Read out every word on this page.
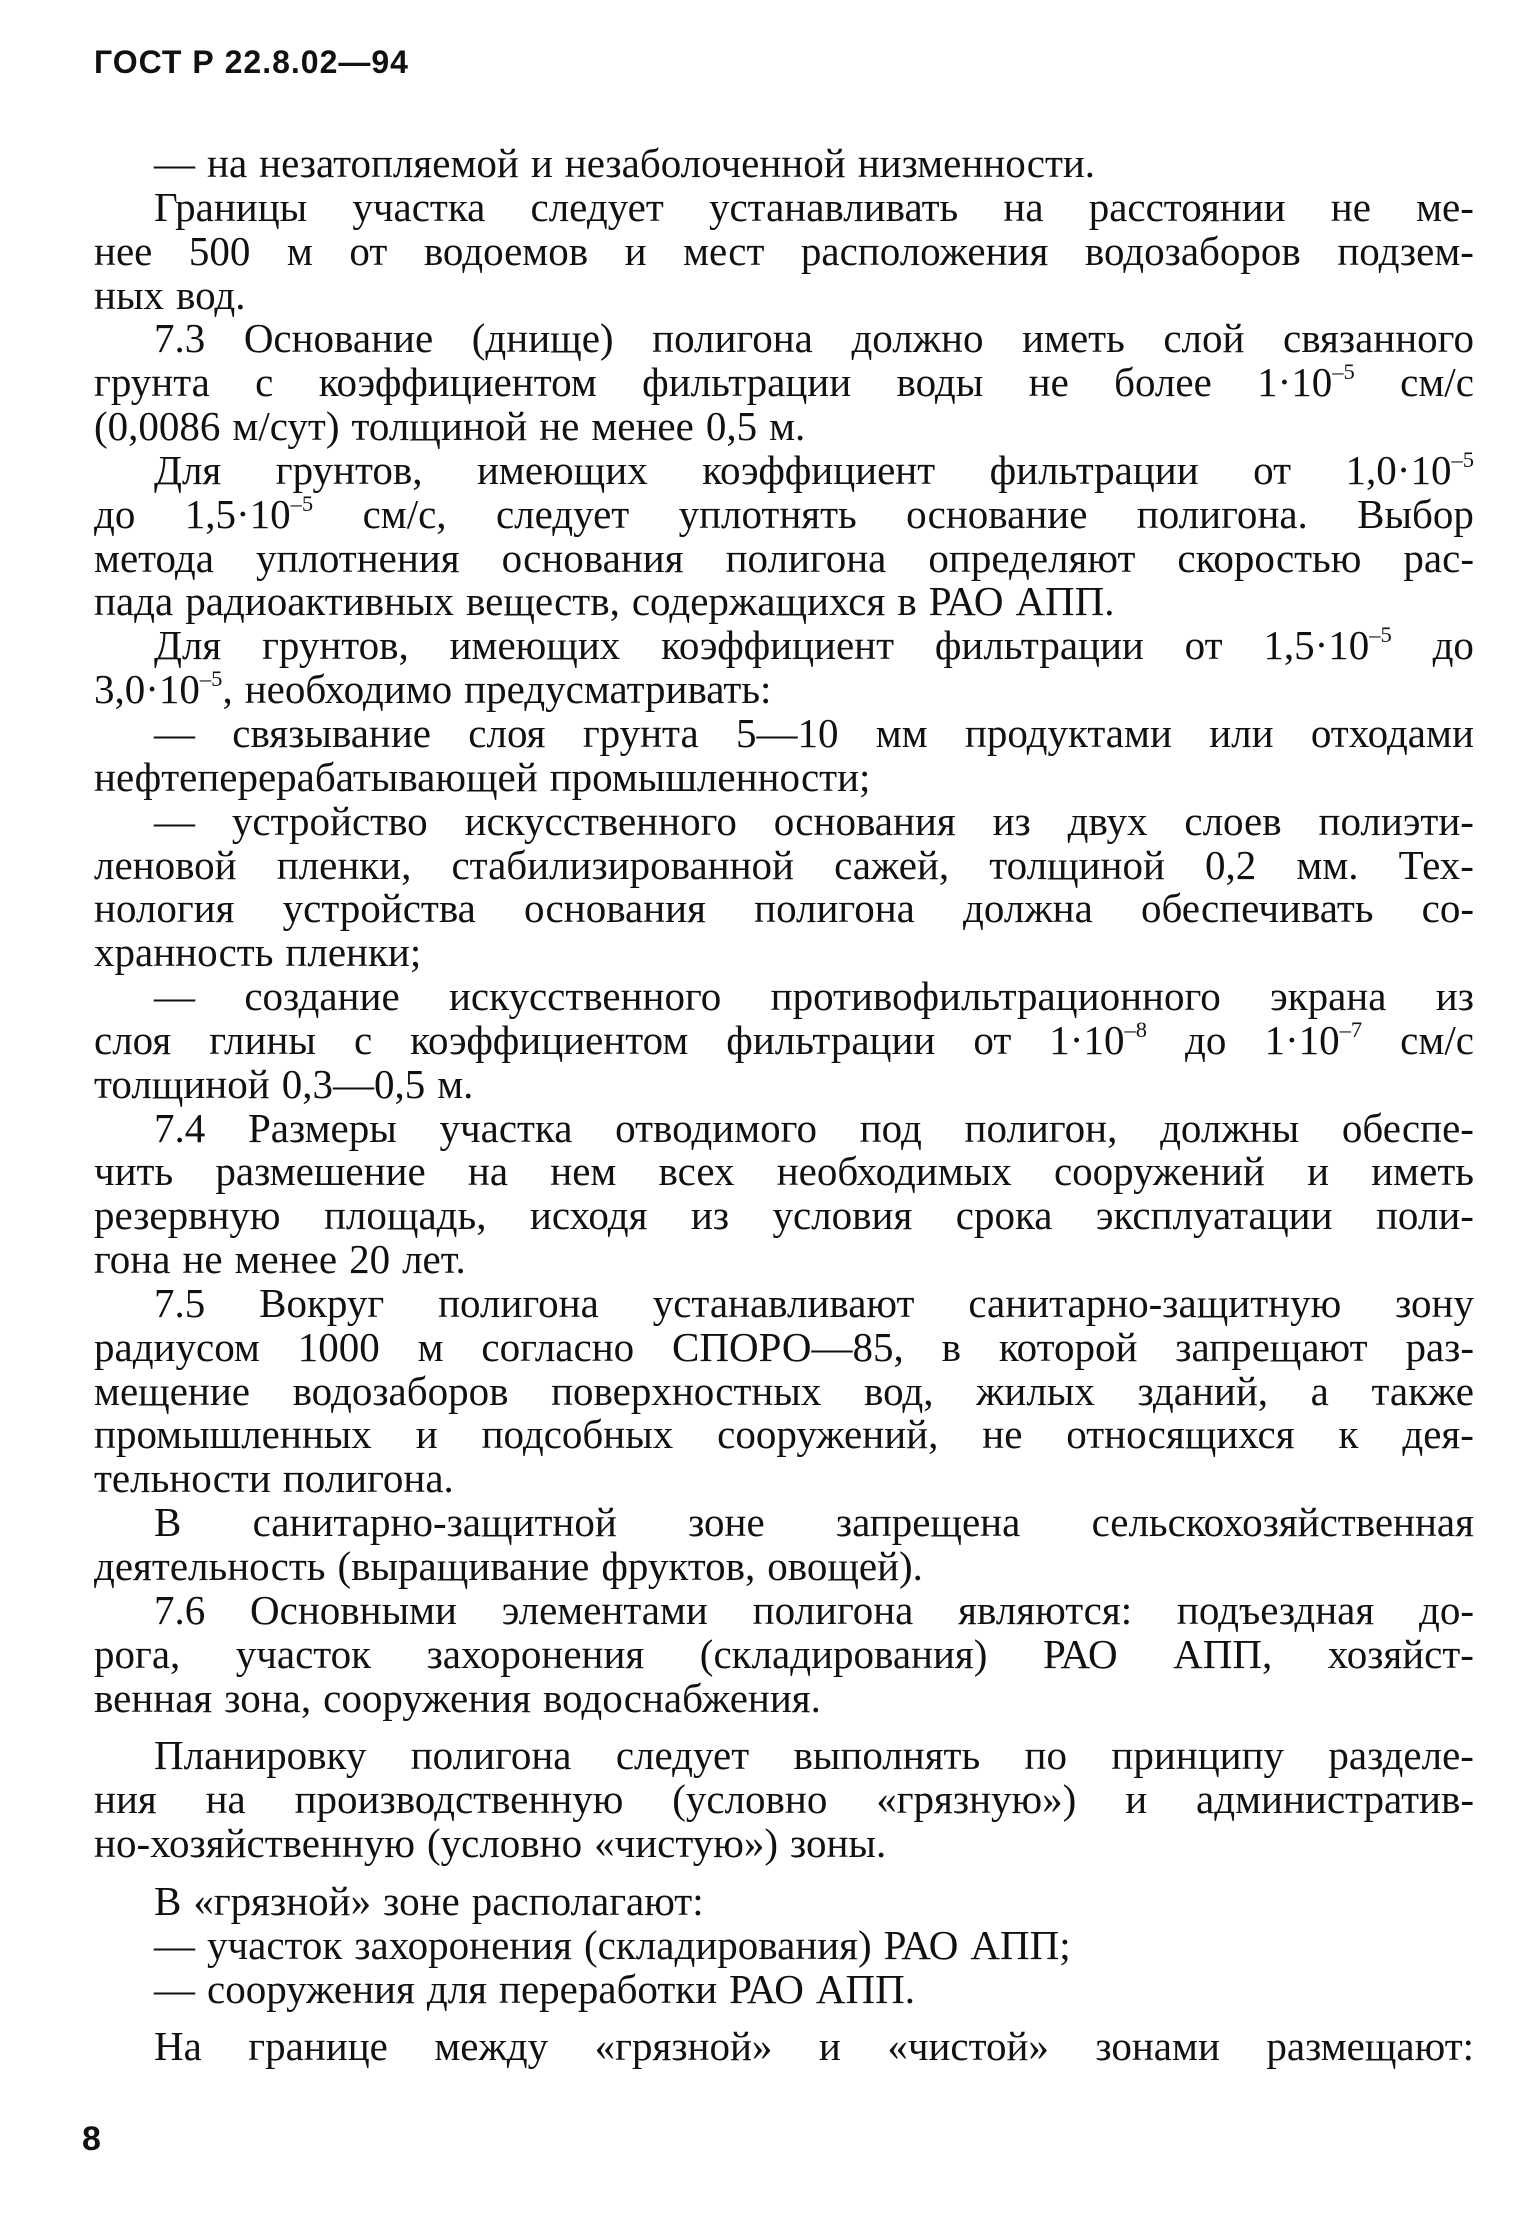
ГОСТ Р 22.8.02—94
— на незатопляемой и незаболоченной низменности.
Границы участка следует устанавливать на расстоянии не ме-
нее 500 м от водоемов и мест расположения водозаборов подзем-
ных вод.
7.3 Основание (днище) полигона должно иметь слой связанного
грунта с коэффициентом фильтрации воды не более $1\cdot 10^{-5}$ см/с
(0,0086 м/сут) толщиной не менее 0,5 м.
Для грунтов, имеющих коэффициент фильтрации от $1,0\cdot 10^{-5}$
до $1,5\cdot 10^{-5}$ см/с, следует уплотнять основание полигона. Выбор
метода уплотнения основания полигона определяют скоростью рас-
пада радиоактивных веществ, содержащихся в РАО АПП.
Для грунтов, имеющих коэффициент фильтрации от $1,5\cdot 10^{-5}$ до
$3,0\cdot 10^{-5}$, необходимо предусматривать:
— связывание слоя грунта 5—10 мм продуктами или отходами
нефтеперерабатывающей промышленности;
— устройство искусственного основания из двух слоев полиэти-
леновой пленки, стабилизированной сажей, толщиной 0,2 мм. Тех-
нология устройства основания полигона должна обеспечивать со-
хранность пленки;
— создание искусственного противофильтрационного экрана из
слоя глины с коэффициентом фильтрации от $1\cdot 10^{-8}$ до $1\cdot 10^{-7}$ см/с
толщиной 0,3—0,5 м.
7.4 Размеры участка отводимого под полигон, должны обеспе-
чить размешение на нем всех необходимых сооружений и иметь
резервную площадь, исходя из условия срока эксплуатации поли-
гона не менее 20 лет.
7.5 Вокруг полигона устанавливают санитарно-защитную зону
радиусом 1000 м согласно СПОРО—85, в которой запрещают раз-
мещение водозаборов поверхностных вод, жилых зданий, а также
промышленных и подсобных сооружений, не относящихся к дея-
тельности полигона.
В санитарно-защитной зоне запрещена сельскохозяйственная
деятельность (выращивание фруктов, овощей).
7.6 Основными элементами полигона являются: подъездная до-
рога, участок захоронения (складирования) РАО АПП, хозяйст-
венная зона, сооружения водоснабжения.
Планировку полигона следует выполнять по принципу разделе-
ния на производственную (условно «грязную») и административ-
но-хозяйственную (условно «чистую») зоны.
В «грязной» зоне располагают:
— участок захоронения (складирования) РАО АПП;
— сооружения для переработки РАО АПП.
На границе между «грязной» и «чистой» зонами размещают:
8
